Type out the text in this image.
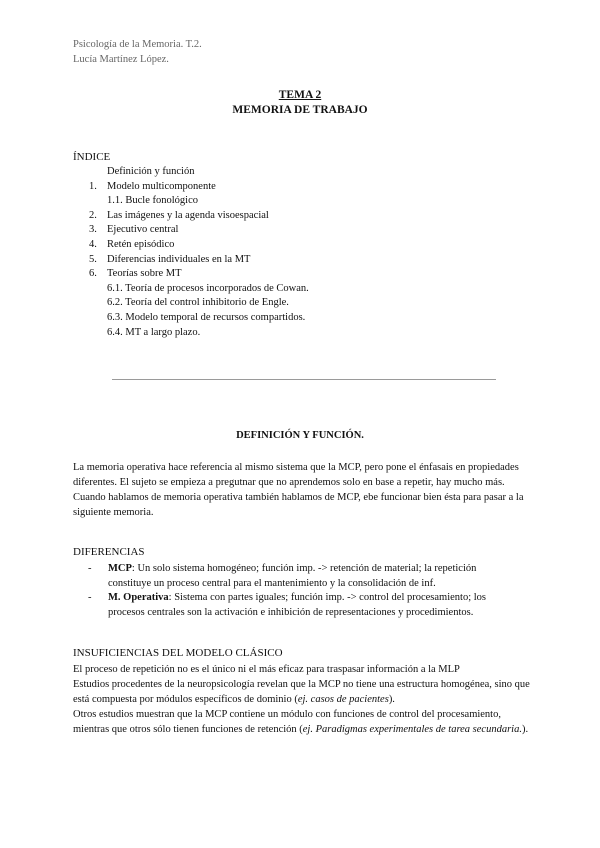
Psicología de la Memoria. T.2.
Lucía Martínez López.
TEMA 2
MEMORIA DE TRABAJO
ÍNDICE
Definición y función
1. Modelo multicomponente
1.1. Bucle fonológico
2. Las imágenes y la agenda visoespacial
3. Ejecutivo central
4. Retén episódico
5. Diferencias individuales en la MT
6. Teorías sobre MT
6.1. Teoría de procesos incorporados de Cowan.
6.2. Teoría del control inhibitorio de Engle.
6.3. Modelo temporal de recursos compartidos.
6.4. MT a largo plazo.
DEFINICIÓN Y FUNCIÓN.
La memoria operativa hace referencia al mismo sistema que la MCP, pero pone el énfasais en propiedades diferentes. El sujeto se empieza a pregutnar que no aprendemos solo en base a repetir, hay mucho más.
Cuando hablamos de memoria operativa también hablamos de MCP, ebe funcionar bien ésta para pasar a la siguiente memoria.
DIFERENCIAS
- MCP: Un solo sistema homogéneo; función imp. -> retención de material; la repetición constituye un proceso central para el mantenimiento y la consolidación de inf.
- M. Operativa: Sistema con partes iguales; función imp. -> control del procesamiento; los procesos centrales son la activación e inhibición de representaciones y procedimientos.
INSUFICIENCIAS DEL MODELO CLÁSICO
El proceso de repetición no es el único ni el más eficaz para traspasar información a la MLP
Estudios procedentes de la neuropsicología revelan que la MCP no tiene una estructura homogénea, sino que está compuesta por módulos específicos de dominio (ej. casos de pacientes).
Otros estudios muestran que la MCP contiene un módulo con funciones de control del procesamiento, mientras que otros sólo tienen funciones de retención (ej. Paradigmas experimentales de tarea secundaria.).
